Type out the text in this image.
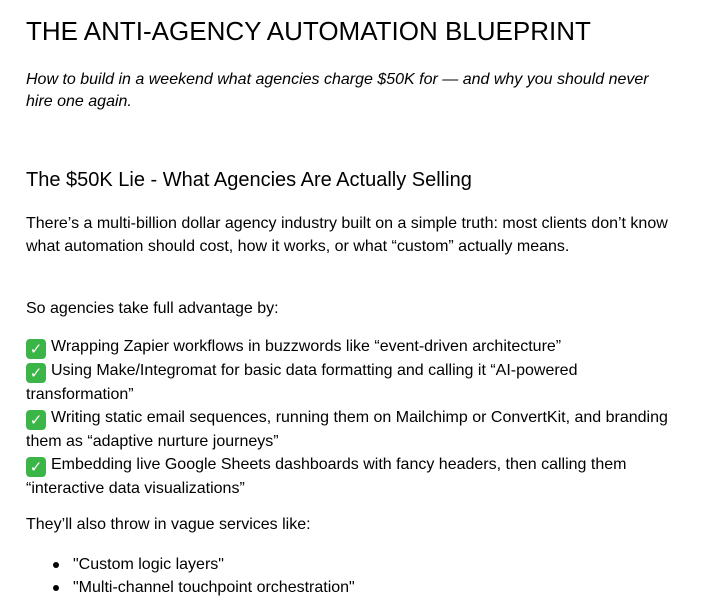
THE ANTI-AGENCY AUTOMATION BLUEPRINT

How to build in a weekend what agencies charge $50K for — and why you should never hire one again.

The $50K Lie - What Agencies Are Actually Selling

There’s a multi-billion dollar agency industry built on a simple truth: most clients don’t know what automation should cost, how it works, or what “custom” actually means.

So agencies take full advantage by:

✓ Wrapping Zapier workflows in buzzwords like “event-driven architecture”
✓ Using Make/Integromat for basic data formatting and calling it “AI-powered transformation”
✓ Writing static email sequences, running them on Mailchimp or ConvertKit, and branding them as “adaptive nurture journeys”
✓ Embedding live Google Sheets dashboards with fancy headers, then calling them “interactive data visualizations”

They’ll also throw in vague services like:

"Custom logic layers"
"Multi-channel touchpoint orchestration"
